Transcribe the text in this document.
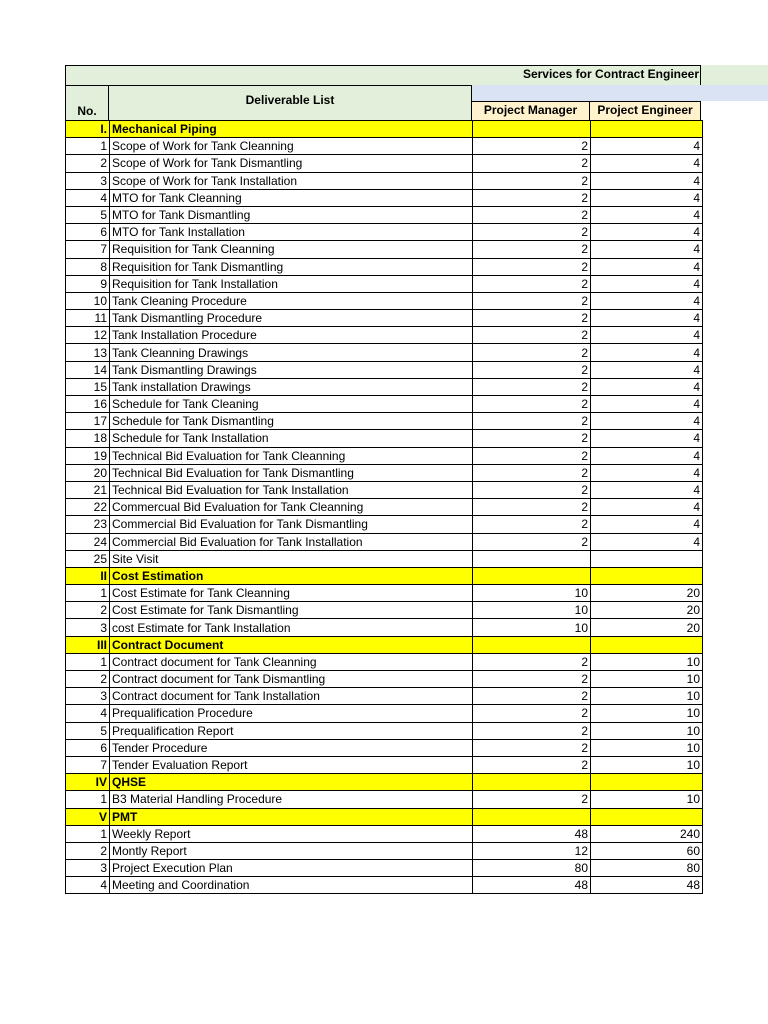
Services for Contract Engineer
No.
Deliverable List
Project Manager	Project Engineer
I.	Mechanical Piping		
1	Scope of Work for Tank Cleanning	2	4
2	Scope of Work for Tank Dismantling	2	4
3	Scope of Work for Tank Installation	2	4
4	MTO for Tank Cleanning	2	4
5	MTO for Tank Dismantling	2	4
6	MTO for Tank Installation	2	4
7	Requisition for Tank Cleanning	2	4
8	Requisition for Tank Dismantling	2	4
9	Requisition for Tank Installation	2	4
10	Tank Cleaning Procedure	2	4
11	Tank Dismantling Procedure	2	4
12	Tank Installation Procedure	2	4
13	Tank Cleanning Drawings	2	4
14	Tank Dismantling Drawings	2	4
15	Tank installation Drawings	2	4
16	Schedule for Tank Cleaning	2	4
17	Schedule for Tank Dismantling	2	4
18	Schedule for Tank Installation	2	4
19	Technical Bid Evaluation for Tank Cleanning	2	4
20	Technical Bid Evaluation for Tank Dismantling	2	4
21	Technical Bid Evaluation for Tank Installation	2	4
22	Commercual Bid Evaluation for Tank Cleanning	2	4
23	Commercial Bid Evaluation for Tank Dismantling	2	4
24	Commercial Bid Evaluation for Tank Installation	2	4
25	Site Visit		
II	Cost Estimation		
1	Cost Estimate for Tank Cleanning	10	20
2	Cost Estimate for Tank Dismantling	10	20
3	cost Estimate for Tank Installation	10	20
III	Contract Document		
1	Contract document for Tank Cleanning	2	10
2	Contract document for Tank Dismantling	2	10
3	Contract document for Tank Installation	2	10
4	Prequalification Procedure	2	10
5	Prequalification Report	2	10
6	Tender Procedure	2	10
7	Tender Evaluation Report	2	10
IV	QHSE		
1	B3 Material Handling Procedure	2	10
V	PMT		
1	Weekly Report	48	240
2	Montly Report	12	60
3	Project Execution Plan	80	80
4	Meeting and Coordination	48	48
